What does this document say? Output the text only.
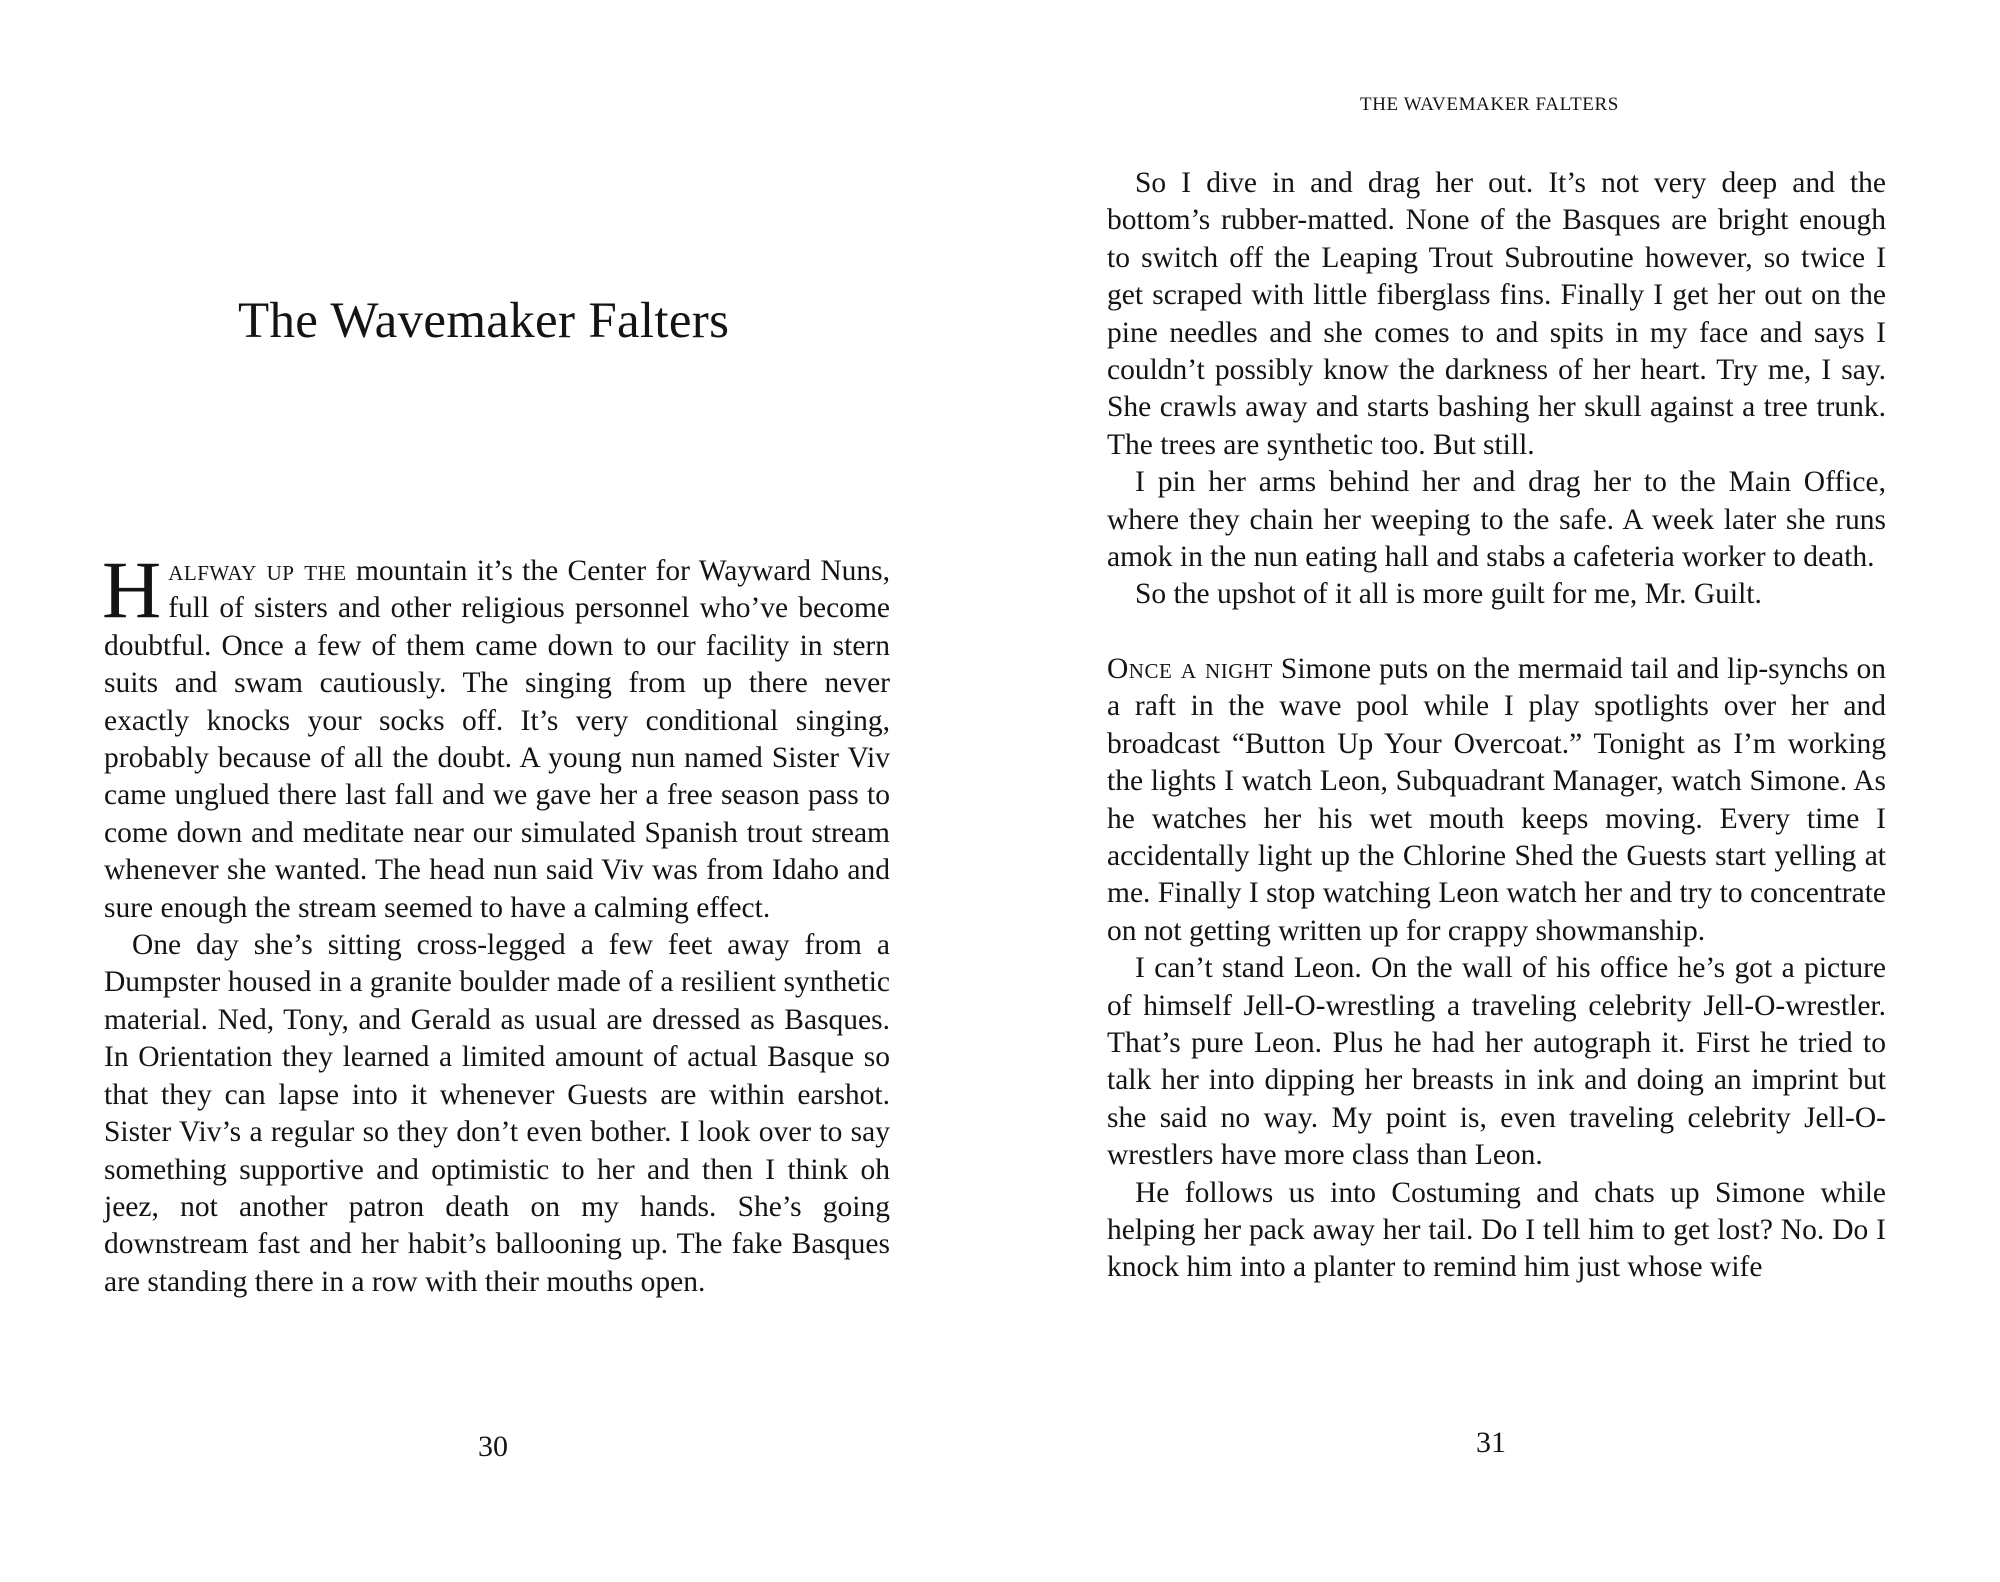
The Wavemaker Falters

Halfway up the mountain it’s the Center for Wayward Nuns, full of sisters and other religious personnel who’ve become doubtful. Once a few of them came down to our facility in stern suits and swam cautiously. The singing from up there never exactly knocks your socks off. It’s very conditional singing, probably because of all the doubt. A young nun named Sister Viv came unglued there last fall and we gave her a free season pass to come down and meditate near our simulated Spanish trout stream whenever she wanted. The head nun said Viv was from Idaho and sure enough the stream seemed to have a calming effect.

One day she’s sitting cross-legged a few feet away from a Dumpster housed in a granite boulder made of a resilient synthetic material. Ned, Tony, and Gerald as usual are dressed as Basques. In Orientation they learned a limited amount of actual Basque so that they can lapse into it whenever Guests are within earshot. Sister Viv’s a regular so they don’t even bother. I look over to say something supportive and optimistic to her and then I think oh jeez, not another patron death on my hands. She’s going downstream fast and her habit’s ballooning up. The fake Basques are standing there in a row with their mouths open.

30
THE WAVEMAKER FALTERS

So I dive in and drag her out. It’s not very deep and the bottom’s rubber-matted. None of the Basques are bright enough to switch off the Leaping Trout Subroutine however, so twice I get scraped with little fiberglass fins. Finally I get her out on the pine needles and she comes to and spits in my face and says I couldn’t possibly know the darkness of her heart. Try me, I say. She crawls away and starts bashing her skull against a tree trunk. The trees are synthetic too. But still.

I pin her arms behind her and drag her to the Main Office, where they chain her weeping to the safe. A week later she runs amok in the nun eating hall and stabs a cafeteria worker to death.

So the upshot of it all is more guilt for me, Mr. Guilt.

Once a night Simone puts on the mermaid tail and lip-synchs on a raft in the wave pool while I play spotlights over her and broadcast “Button Up Your Overcoat.” Tonight as I’m working the lights I watch Leon, Subquadrant Manager, watch Simone. As he watches her his wet mouth keeps moving. Every time I accidentally light up the Chlorine Shed the Guests start yelling at me. Finally I stop watching Leon watch her and try to concentrate on not getting written up for crappy showmanship.

I can’t stand Leon. On the wall of his office he’s got a picture of himself Jell-O-wrestling a traveling celebrity Jell-O-wrestler. That’s pure Leon. Plus he had her autograph it. First he tried to talk her into dipping her breasts in ink and doing an imprint but she said no way. My point is, even traveling celebrity Jell-O-wrestlers have more class than Leon.

He follows us into Costuming and chats up Simone while helping her pack away her tail. Do I tell him to get lost? No. Do I knock him into a planter to remind him just whose wife

31
